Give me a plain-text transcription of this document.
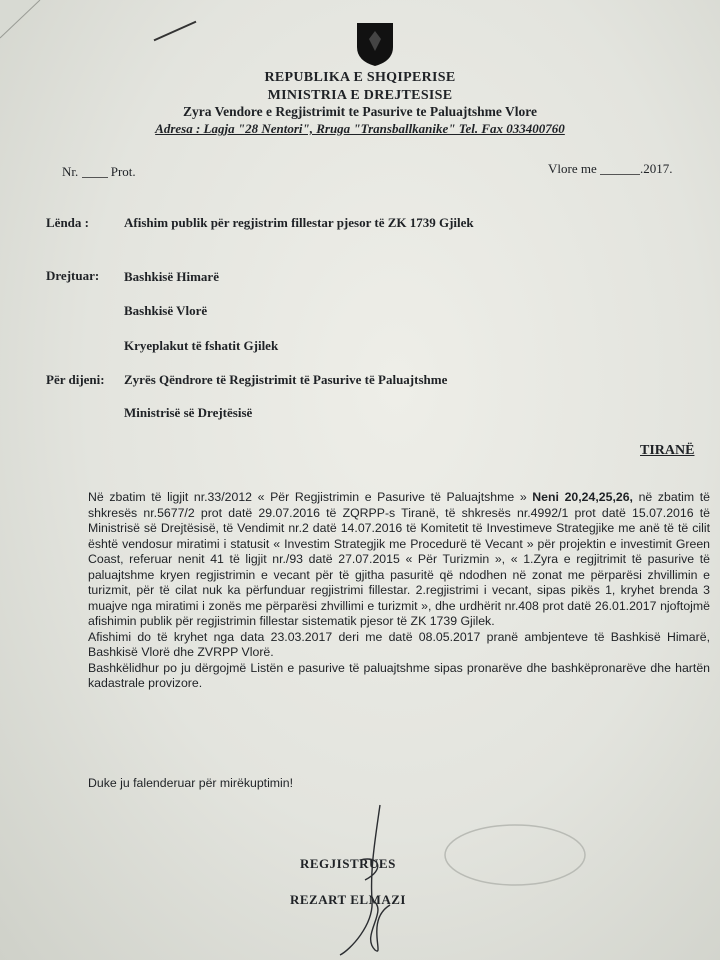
REPUBLIKA E SHQIPERISE
MINISTRIA E DREJTESISE
Zyra Vendore e Regjistrimit te Pasurive te Paluajtshme Vlore
Adresa : Lagja "28 Nentori", Rruga "Transballkanike" Tel. Fax 033400760
Nr.	Prot.	Vlore me	.2017.
Lënda :	Afishim publik për regjistrim fillestar pjesor të ZK 1739 Gjilek
Drejtuar: Bashkisë Himarë
Bashkisë Vlorë
Kryeplakut të fshatit Gjilek
Për dijeni: Zyrës Qëndrore të Regjistrimit të Pasurive të Paluajtshme
Ministrisë së Drejtësisë
TIRANË

Në zbatim të ligjit nr.33/2012 « Për Regjistrimin e Pasurive të Paluajtshme » Neni 20,24,25,26, në zbatim të shkresës nr.5677/2 prot datë 29.07.2016 të ZQRPP-s Tiranë, të shkresës nr.4992/1 prot datë 15.07.2016 të Ministrisë së Drejtësisë, të Vendimit nr.2 datë 14.07.2016 të Komitetit të Investimeve Strategjike me anë të të cilit është vendosur miratimi i statusit « Investim Strategjik me Procedurë të Vecant » për projektin e investimit Green Coast, referuar nenit 41 të ligjit nr./93 datë 27.07.2015 « Për Turizmin », « 1.Zyra e regjitrimit të pasurive të paluajtshme kryen regjistrimin e vecant për të gjitha pasuritë që ndodhen në zonat me përparësi zhvillimin e turizmit, për të cilat nuk ka përfunduar regjistrimi fillestar. 2.regjistrimi i vecant, sipas pikës 1, kryhet brenda 3 muajve nga miratimi i zonës me përparësi zhvillimi e turizmit », dhe urdhërit nr.408 prot datë 26.01.2017 njoftojmë afishimin publik për regjistrimin fillestar sistematik pjesor të ZK 1739 Gjilek.

Afishimi do të kryhet nga data 23.03.2017 deri me datë 08.05.2017 pranë ambjenteve të Bashkisë Himarë, Bashkisë Vlorë dhe ZVRPP Vlorë.

Bashkëlidhur po ju dërgojmë Listën e pasurive të paluajtshme sipas pronarëve dhe bashkëpronarëve dhe hartën kadastrale provizore.

Duke ju falenderuar për mirëkuptimin!
REGJISTRUES
REZART ELMAZI
